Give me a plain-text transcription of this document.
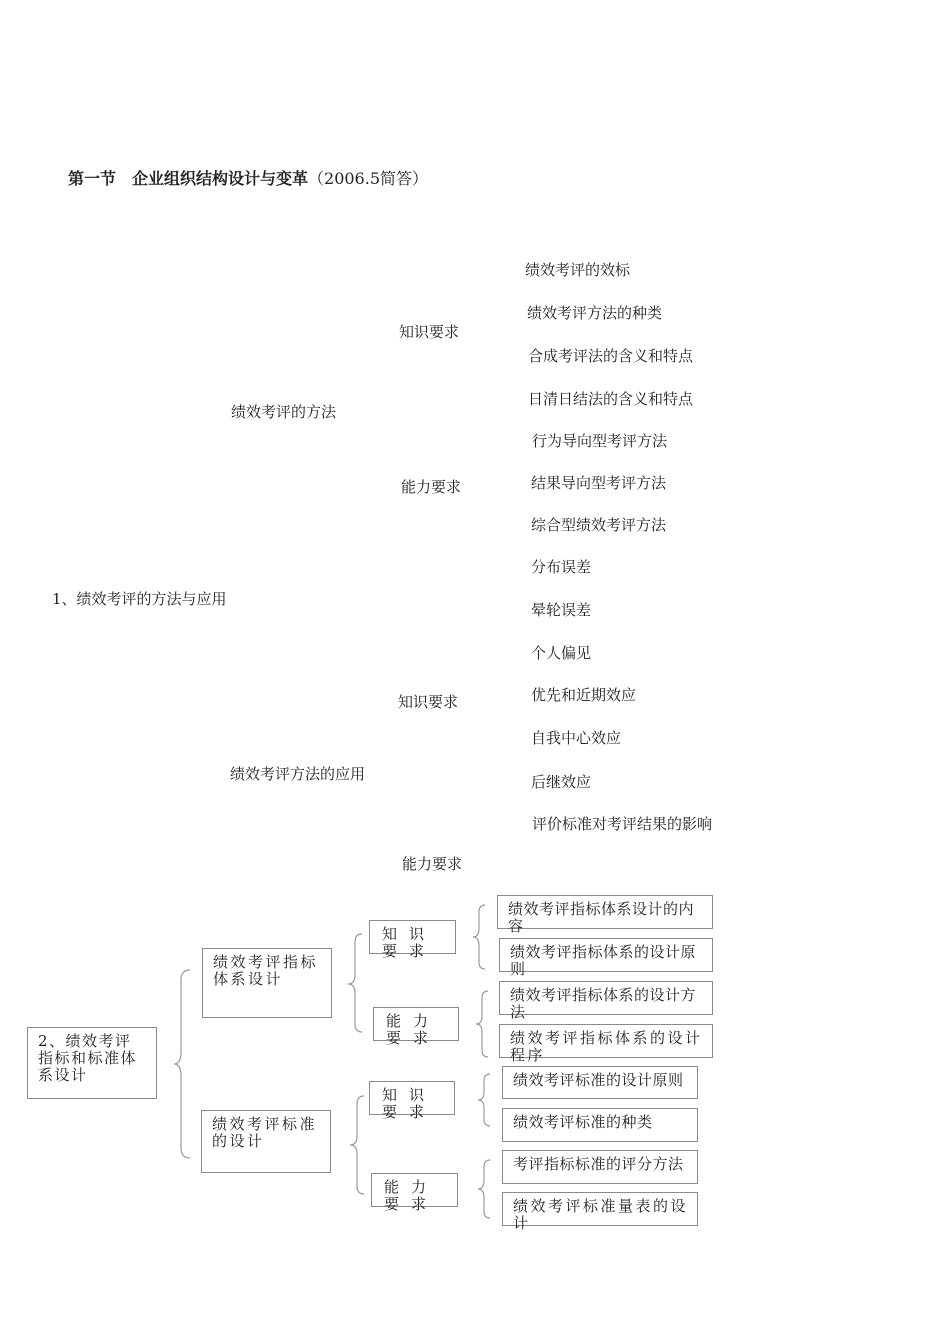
第一节　企业组织结构设计与变革（2006.5简答）
1、绩效考评的方法与应用
绩效考评的方法
知识要求
能力要求
绩效考评的效标
绩效考评方法的种类
合成考评法的含义和特点
日清日结法的含义和特点
行为导向型考评方法
结果导向型考评方法
综合型绩效考评方法
绩效考评方法的应用
知识要求
能力要求
分布误差
晕轮误差
个人偏见
优先和近期效应
自我中心效应
后继效应
评价标准对考评结果的影响
2、绩效考评指标和标准体系设计
绩效考评指标体系设计
绩效考评标准的设计
知识要求
能力要求
知识要求
能力要求
绩效考评指标体系设计的内容
绩效考评指标体系的设计原则
绩效考评指标体系的设计方法
绩效考评指标体系的设计程序
绩效考评标准的设计原则
绩效考评标准的种类
考评指标标准的评分方法
绩效考评标准量表的设计
